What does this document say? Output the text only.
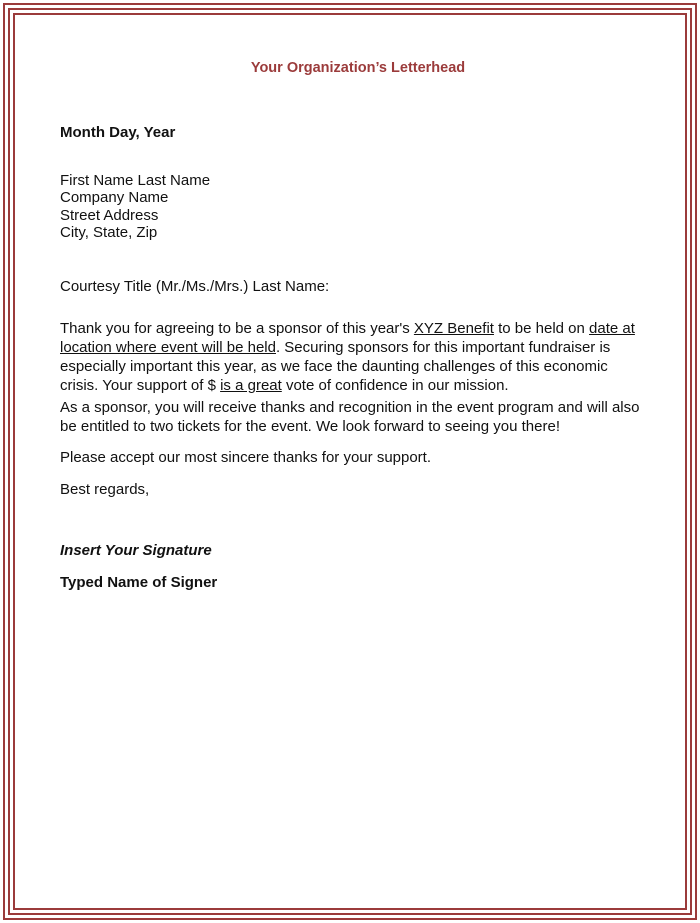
Your Organization’s Letterhead
Month Day, Year
First Name Last Name
Company Name
Street Address
City, State, Zip
Courtesy Title (Mr./Ms./Mrs.) Last Name:
Thank you for agreeing to be a sponsor of this year's XYZ Benefit to be held on date at location where event will be held. Securing sponsors for this important fundraiser is especially important this year, as we face the daunting challenges of this economic crisis. Your support of $ is a great vote of confidence in our mission.
As a sponsor, you will receive thanks and recognition in the event program and will also be entitled to two tickets for the event. We look forward to seeing you there!
Please accept our most sincere thanks for your support.
Best regards,
Insert Your Signature
Typed Name of Signer
